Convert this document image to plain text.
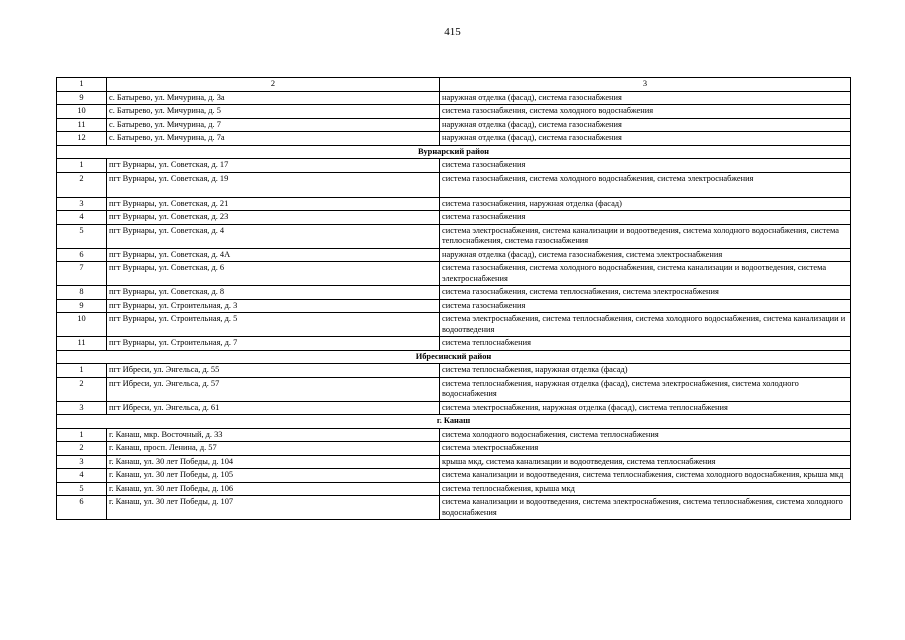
415
1	2	3
9	с. Батырево, ул. Мичурина, д. 3а	наружная отделка (фасад), система газоснабжения
10	с. Батырево, ул. Мичурина, д. 5	система газоснабжения, система холодного водоснабжения
11	с. Батырево, ул. Мичурина, д. 7	наружная отделка (фасад), система газоснабжения
12	с. Батырево, ул. Мичурина, д. 7а	наружная отделка (фасад), система газоснабжения
Вурнарский район		
1	пгт Вурнары, ул. Советская, д. 17	система газоснабжения
2	пгт Вурнары, ул. Советская, д. 19	система газоснабжения, система холодного водоснабжения, система электроснабжения
3	пгт Вурнары, ул. Советская, д. 21	система газоснабжения, наружная отделка (фасад)
4	пгт Вурнары, ул. Советская, д. 23	система газоснабжения
5	пгт Вурнары, ул. Советская, д. 4	система электроснабжения, система канализации и водоотведения, система холодного водоснабжения, система теплоснабжения, система газоснабжения
6	пгт Вурнары, ул. Советская, д. 4А	наружная отделка (фасад), система газоснабжения, система электроснабжения
7	пгт Вурнары, ул. Советская, д. 6	система газоснабжения, система холодного водоснабжения, система канализации и водоотведения, система электроснабжения
8	пгт Вурнары, ул. Советская, д. 8	система газоснабжения, система теплоснабжения, система электроснабжения
9	пгт Вурнары, ул. Строительная, д. 3	система газоснабжения
10	пгт Вурнары, ул. Строительная, д. 5	система электроснабжения, система теплоснабжения, система холодного водоснабжения, система канализации и водоотведения
11	пгт Вурнары, ул. Строительная, д. 7	система теплоснабжения
Ибресинский район		
1	пгт Ибреси, ул. Энгельса, д. 55	система теплоснабжения, наружная отделка (фасад)
2	пгт Ибреси, ул. Энгельса, д. 57	система теплоснабжения, наружная отделка (фасад), система электроснабжения, система холодного водоснабжения
3	пгт Ибреси, ул. Энгельса, д. 61	система электроснабжения, наружная отделка (фасад), система теплоснабжения
г. Канаш		
1	г. Канаш, мкр. Восточный, д. 33	система холодного водоснабжения, система теплоснабжения
2	г. Канаш, просп. Ленина, д. 57	система электроснабжения
3	г. Канаш, ул. 30 лет Победы, д. 104	крыша мкд, система канализации и водоотведения, система теплоснабжения
4	г. Канаш, ул. 30 лет Победы, д. 105	система канализации и водоотведения, система теплоснабжения, система холодного водоснабжения, крыша мкд
5	г. Канаш, ул. 30 лет Победы, д. 106	система теплоснабжения, крыша мкд
6	г. Канаш, ул. 30 лет Победы, д. 107	система канализации и водоотведения, система электроснабжения, система теплоснабжения, система холодного водоснабжения
